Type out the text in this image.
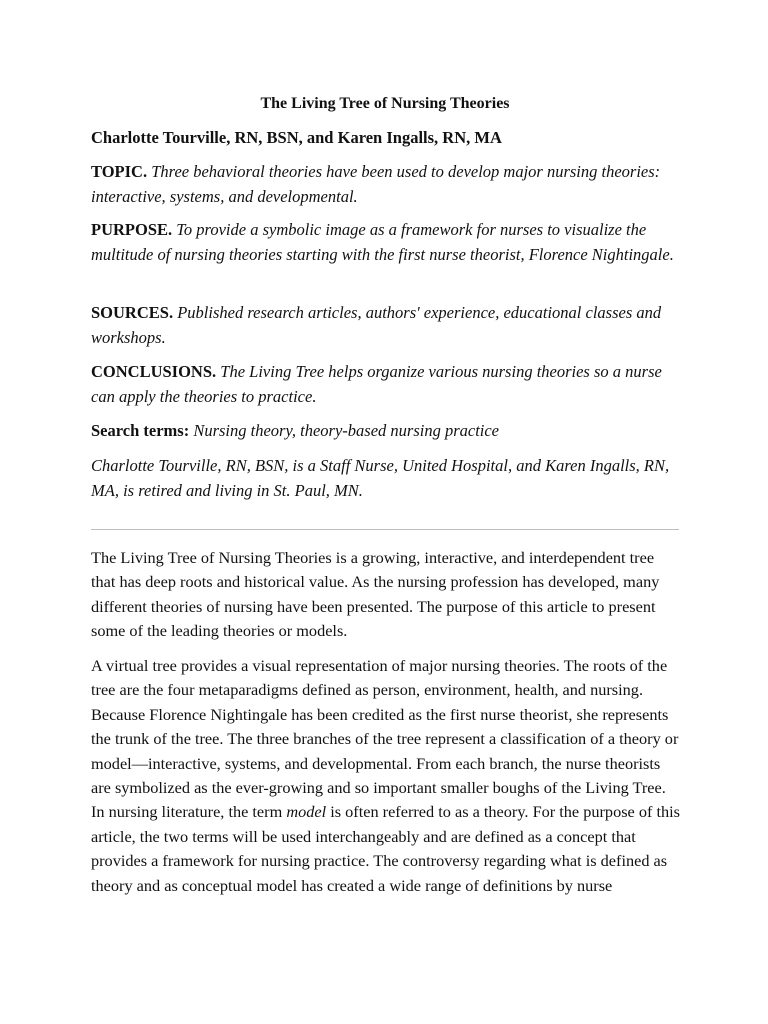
The Living Tree of Nursing Theories
Charlotte Tourville, RN, BSN, and Karen Ingalls, RN, MA
TOPIC. Three behavioral theories have been used to develop major nursing theories: interactive, systems, and developmental.
PURPOSE. To provide a symbolic image as a framework for nurses to visualize the multitude of nursing theories starting with the first nurse theorist, Florence Nightingale.
SOURCES. Published research articles, authors' experience, educational classes and workshops.
CONCLUSIONS. The Living Tree helps organize various nursing theories so a nurse can apply the theories to practice.
Search terms: Nursing theory, theory-based nursing practice
Charlotte Tourville, RN, BSN, is a Staff Nurse, United Hospital, and Karen Ingalls, RN, MA, is retired and living in St. Paul, MN.
The Living Tree of Nursing Theories is a growing, interactive, and interdependent tree that has deep roots and historical value. As the nursing profession has developed, many different theories of nursing have been presented. The purpose of this article to present some of the leading theories or models.
A virtual tree provides a visual representation of major nursing theories. The roots of the tree are the four metaparadigms defined as person, environment, health, and nursing. Because Florence Nightingale has been credited as the first nurse theorist, she represents the trunk of the tree. The three branches of the tree represent a classification of a theory or model—interactive, systems, and developmental. From each branch, the nurse theorists are symbolized as the ever-growing and so important smaller boughs of the Living Tree. In nursing literature, the term model is often referred to as a theory. For the purpose of this article, the two terms will be used interchangeably and are defined as a concept that provides a framework for nursing practice. The controversy regarding what is defined as theory and as conceptual model has created a wide range of definitions by nurse
